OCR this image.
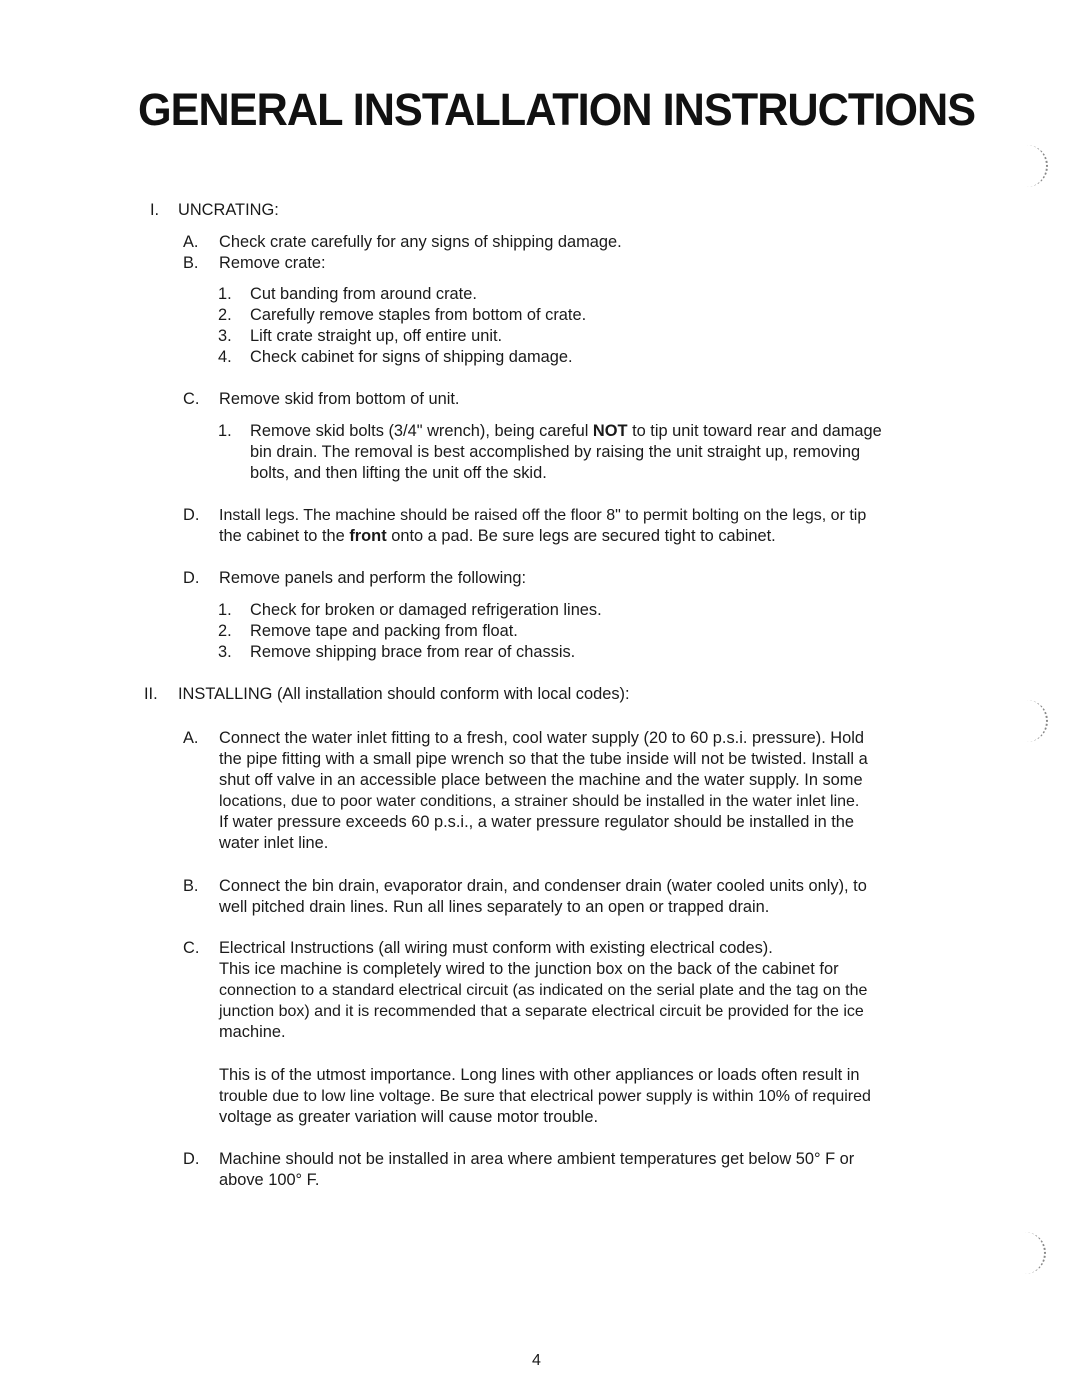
GENERAL INSTALLATION INSTRUCTIONS
I. UNCRATING:
A. Check crate carefully for any signs of shipping damage.
B. Remove crate:
1. Cut banding from around crate.
2. Carefully remove staples from bottom of crate.
3. Lift crate straight up, off entire unit.
4. Check cabinet for signs of shipping damage.
C. Remove skid from bottom of unit.
1. Remove skid bolts (3/4" wrench), being careful NOT to tip unit toward rear and damage
bin drain. The removal is best accomplished by raising the unit straight up, removing
bolts, and then lifting the unit off the skid.
D. Install legs. The machine should be raised off the floor 8" to permit bolting on the legs, or tip
the cabinet to the front onto a pad. Be sure legs are secured tight to cabinet.
D. Remove panels and perform the following:
1. Check for broken or damaged refrigeration lines.
2. Remove tape and packing from float.
3. Remove shipping brace from rear of chassis.
II. INSTALLING (All installation should conform with local codes):
A. Connect the water inlet fitting to a fresh, cool water supply (20 to 60 p.s.i. pressure). Hold
the pipe fitting with a small pipe wrench so that the tube inside will not be twisted. Install a
shut off valve in an accessible place between the machine and the water supply. In some
locations, due to poor water conditions, a strainer should be installed in the water inlet line.
If water pressure exceeds 60 p.s.i., a water pressure regulator should be installed in the
water inlet line.
B. Connect the bin drain, evaporator drain, and condenser drain (water cooled units only), to
well pitched drain lines. Run all lines separately to an open or trapped drain.
C. Electrical Instructions (all wiring must conform with existing electrical codes).
This ice machine is completely wired to the junction box on the back of the cabinet for
connection to a standard electrical circuit (as indicated on the serial plate and the tag on the
junction box) and it is recommended that a separate electrical circuit be provided for the ice
machine.
This is of the utmost importance. Long lines with other appliances or loads often result in
trouble due to low line voltage. Be sure that electrical power supply is within 10% of required
voltage as greater variation will cause motor trouble.
D. Machine should not be installed in area where ambient temperatures get below 50° F or
above 100° F.
4
